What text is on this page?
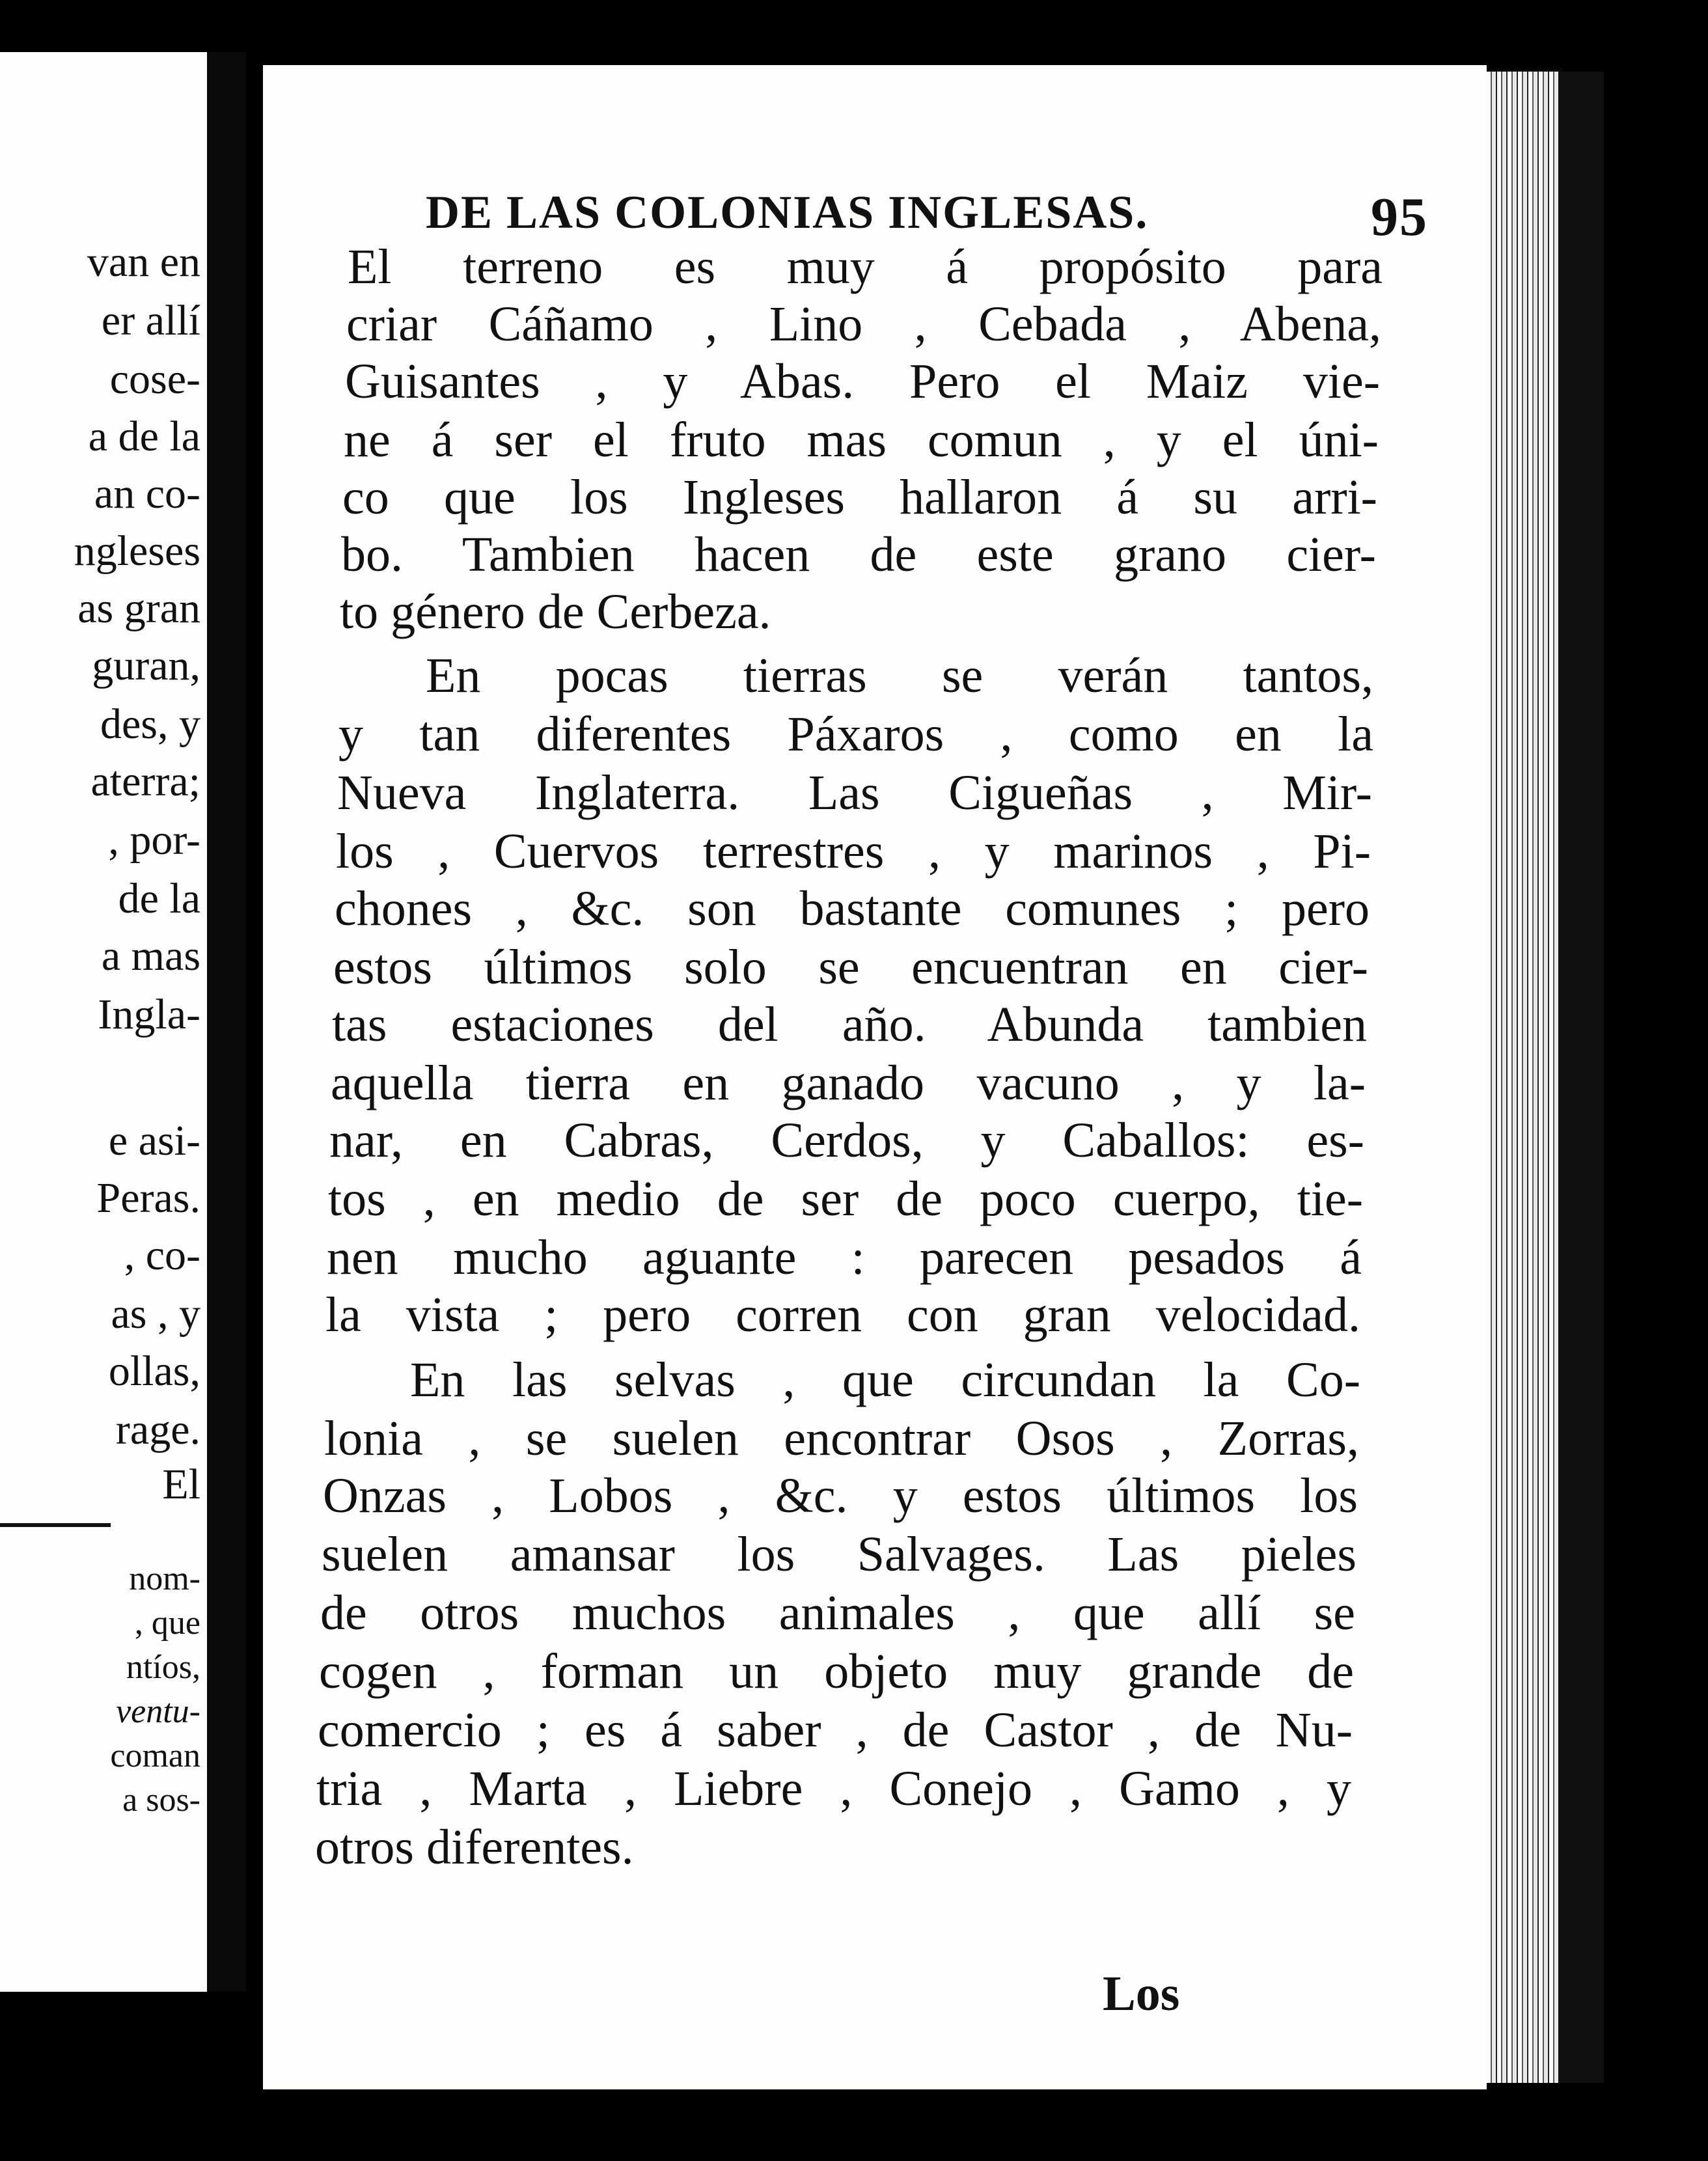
van en
er allí
cose-
a de la
an co-
ngleses
as gran
guran,
des, y
aterra;
, por-
de la
a mas
Ingla-
e asi-
Peras.
, co-
as , y
ollas,
rage.
El
nom-
, que
ntíos,
ventu-
coman
a sos-
DE LAS COLONIAS INGLESAS.	95
El terreno es muy á propósito para
criar Cáñamo , Lino , Cebada , Abena,
Guisantes , y Abas. Pero el Maiz vie-
ne á ser el fruto mas comun , y el úni-
co que los Ingleses hallaron á su arri-
bo. Tambien hacen de este grano cier-
to género de Cerbeza.
En pocas tierras se verán tantos,
y tan diferentes Páxaros , como en la
Nueva Inglaterra. Las Cigueñas , Mir-
los , Cuervos terrestres , y marinos , Pi-
chones , &c. son bastante comunes ; pero
estos últimos solo se encuentran en cier-
tas estaciones del año. Abunda tambien
aquella tierra en ganado vacuno , y la-
nar, en Cabras, Cerdos, y Caballos: es-
tos , en medio de ser de poco cuerpo, tie-
nen mucho aguante : parecen pesados á
la vista ; pero corren con gran velocidad.
En las selvas , que circundan la Co-
lonia , se suelen encontrar Osos , Zorras,
Onzas , Lobos , &c. y estos últimos los
suelen amansar los Salvages. Las pieles
de otros muchos animales , que allí se
cogen , forman un objeto muy grande de
comercio ; es á saber , de Castor , de Nu-
tria , Marta , Liebre , Conejo , Gamo , y
otros diferentes.
Los
